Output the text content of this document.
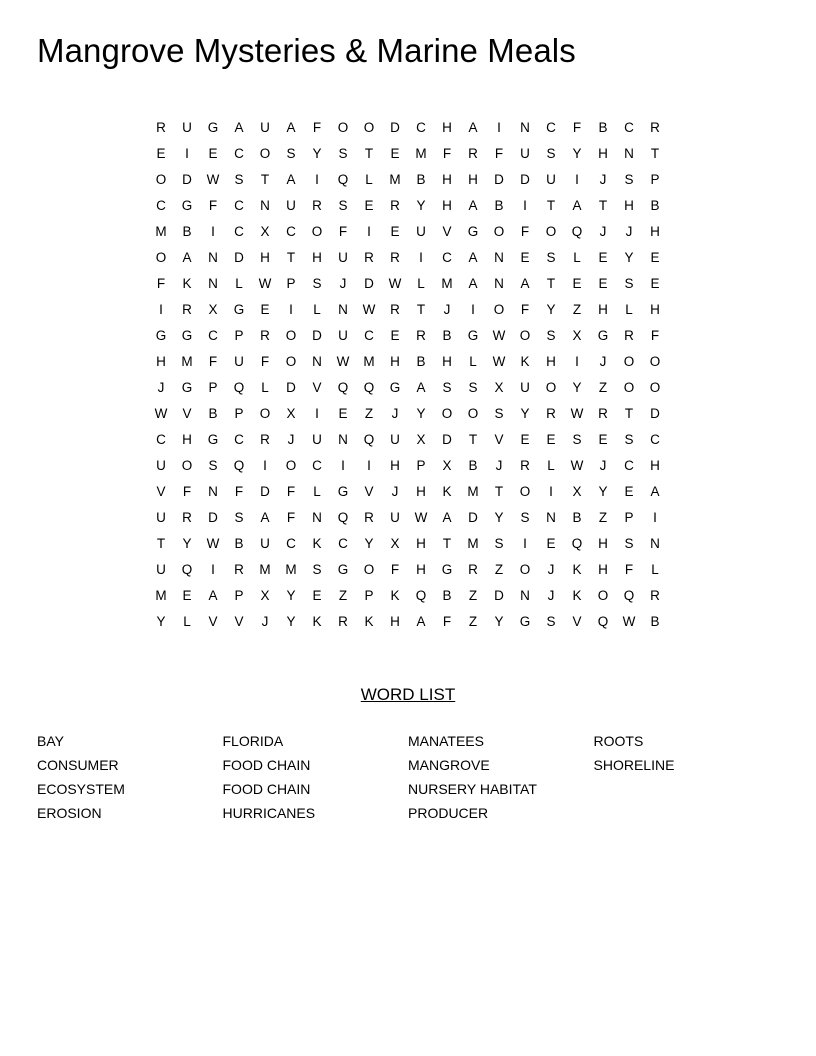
Mangrove Mysteries & Marine Meals
R	U	G	A	U	A	F	O	O	D	C	H	A	I	N	C	F	B	C	R
E	I	E	C	O	S	Y	S	T	E	M	F	R	F	U	S	Y	H	N	T
O	D	W	S	T	A	I	Q	L	M	B	H	H	D	D	U	I	J	S	P
C	G	F	C	N	U	R	S	E	R	Y	H	A	B	I	T	A	T	H	B
M	B	I	C	X	C	O	F	I	E	U	V	G	O	F	O	Q	J	J	H
O	A	N	D	H	T	H	U	R	R	I	C	A	N	E	S	L	E	Y	E
F	K	N	L	W	P	S	J	D	W	L	M	A	N	A	T	E	E	S	E
I	R	X	G	E	I	L	N	W	R	T	J	I	O	F	Y	Z	H	L	H
G	G	C	P	R	O	D	U	C	E	R	B	G	W	O	S	X	G	R	F
H	M	F	U	F	O	N	W	M	H	B	H	L	W	K	H	I	J	O	O
J	G	P	Q	L	D	V	Q	Q	G	A	S	S	X	U	O	Y	Z	O	O
W	V	B	P	O	X	I	E	Z	J	Y	O	O	S	Y	R	W	R	T	D
C	H	G	C	R	J	U	N	Q	U	X	D	T	V	E	E	S	E	S	C
U	O	S	Q	I	O	C	I	I	H	P	X	B	J	R	L	W	J	C	H
V	F	N	F	D	F	L	G	V	J	H	K	M	T	O	I	X	Y	E	A
U	R	D	S	A	F	N	Q	R	U	W	A	D	Y	S	N	B	Z	P	I
T	Y	W	B	U	C	K	C	Y	X	H	T	M	S	I	E	Q	H	S	N
U	Q	I	R	M	M	S	G	O	F	H	G	R	Z	O	J	K	H	F	L
M	E	A	P	X	Y	E	Z	P	K	Q	B	Z	D	N	J	K	O	Q	R
Y	L	V	V	J	Y	K	R	K	H	A	F	Z	Y	G	S	V	Q	W	B
WORD LIST
BAY
CONSUMER
ECOSYSTEM
EROSION
FLORIDA
FOOD CHAIN
FOOD CHAIN
HURRICANES
MANATEES
MANGROVE
NURSERY HABITAT
PRODUCER
ROOTS
SHORELINE
